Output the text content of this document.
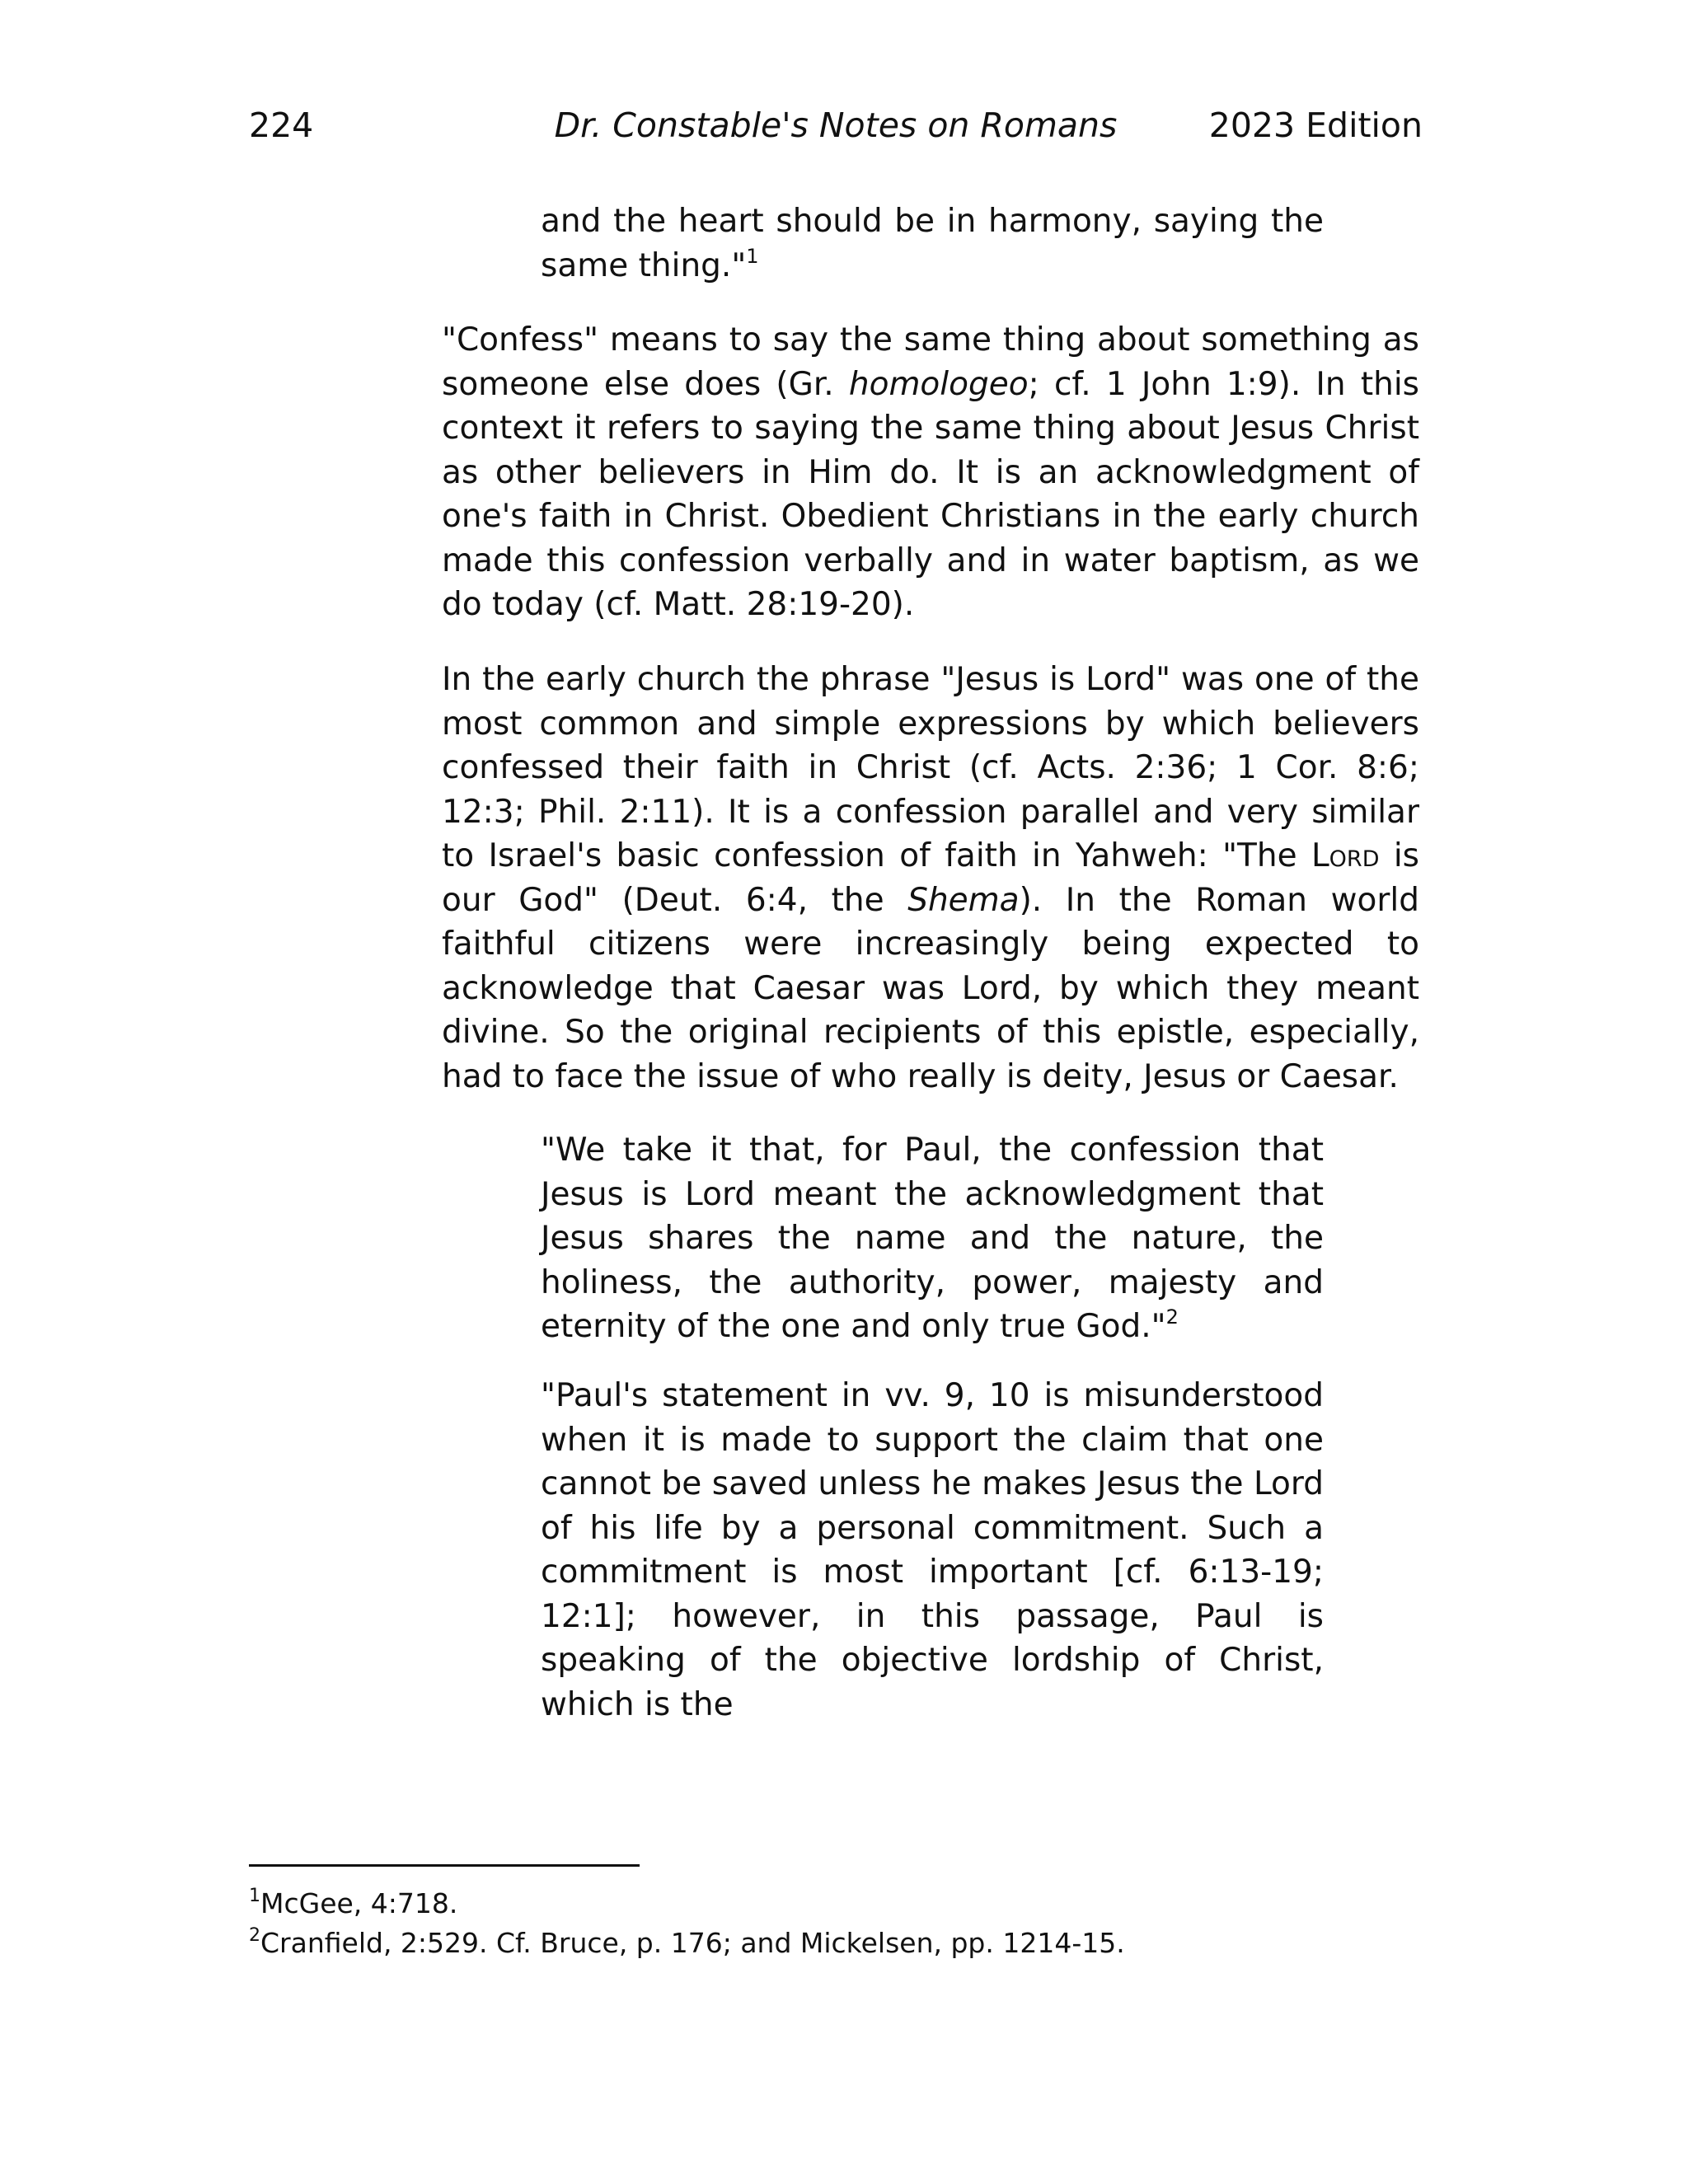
224	Dr. Constable's Notes on Romans	2023 Edition

and the heart should be in harmony, saying the same thing."$^1$

"Confess" means to say the same thing about something as someone else does (Gr. homologeo; cf. 1 John 1:9). In this context it refers to saying the same thing about Jesus Christ as other believers in Him do. It is an acknowledgment of one's faith in Christ. Obedient Christians in the early church made this confession verbally and in water baptism, as we do today (cf. Matt. 28:19-20).

In the early church the phrase "Jesus is Lord" was one of the most common and simple expressions by which believers confessed their faith in Christ (cf. Acts. 2:36; 1 Cor. 8:6; 12:3; Phil. 2:11). It is a confession parallel and very similar to Israel's basic confession of faith in Yahweh: "The Lord is our God" (Deut. 6:4, the Shema). In the Roman world faithful citizens were increasingly being expected to acknowledge that Caesar was Lord, by which they meant divine. So the original recipients of this epistle, especially, had to face the issue of who really is deity, Jesus or Caesar.

"We take it that, for Paul, the confession that Jesus is Lord meant the acknowledgment that Jesus shares the name and the nature, the holiness, the authority, power, majesty and eternity of the one and only true God."$^2$

"Paul's statement in vv. 9, 10 is misunderstood when it is made to support the claim that one cannot be saved unless he makes Jesus the Lord of his life by a personal commitment. Such a commitment is most important [cf. 6:13-19; 12:1]; however, in this passage, Paul is speaking of the objective lordship of Christ, which is the

$^1$McGee, 4:718.
$^2$Cranfield, 2:529. Cf. Bruce, p. 176; and Mickelsen, pp. 1214-15.
